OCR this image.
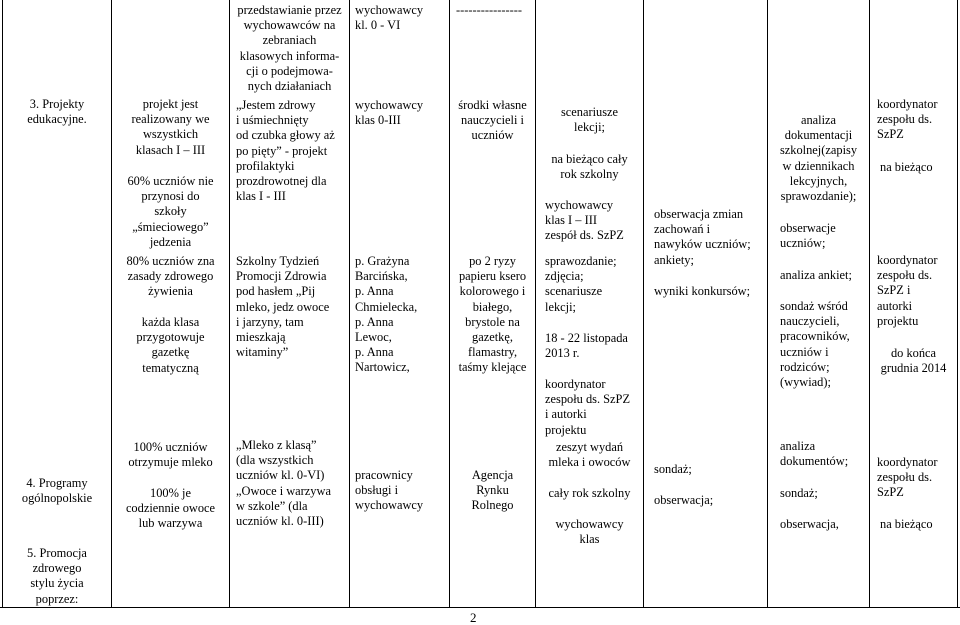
3. Projekty
edukacyjne.
4. Programy
ogólnopolskie
5. Promocja
zdrowego
stylu życia
poprzez:
projekt jest
realizowany we
wszystkich
klasach I – III
60% uczniów nie
przynosi do
szkoły
„śmieciowego”
jedzenia
80% uczniów zna
zasady zdrowego
żywienia
każda klasa
przygotowuje
gazetkę
tematyczną
100% uczniów
otrzymuje mleko
100% je
codziennie owoce
lub warzywa
przedstawianie przez
wychowawców na
zebraniach
klasowych informa-
cji o podejmowa-
nych działaniach
„Jestem zdrowy
i uśmiechnięty
od czubka głowy aż
po pięty” - projekt
profilaktyki
prozdrowotnej dla
klas I - III
Szkolny Tydzień
Promocji Zdrowia
pod hasłem „Pij
mleko, jedz owoce
i jarzyny, tam
mieszkają
witaminy”
„Mleko z klasą”
(dla wszystkich
uczniów kl. 0-VI)
„Owoce i warzywa
w szkole” (dla
uczniów kl. 0-III)
wychowawcy
kl. 0 - VI
wychowawcy
klas 0-III
p. Grażyna
Barcińska,
p. Anna
Chmielecka,
p. Anna
Lewoc,
p. Anna
Nartowicz,
pracownicy
obsługi i
wychowawcy
----------------
środki własne
nauczycieli i
uczniów
po 2 ryzy
papieru ksero
kolorowego i
białego,
brystole na
gazetkę,
flamastry,
taśmy klejące
Agencja
Rynku
Rolnego
scenariusze
lekcji;
na bieżąco cały
rok szkolny
wychowawcy
klas I – III
zespół ds. SzPZ
sprawozdanie;
zdjęcia;
scenariusze
lekcji;
18 - 22 listopada
2013 r.
koordynator
zespołu ds. SzPZ
i autorki
projektu
zeszyt wydań
mleka i owoców
cały rok szkolny
wychowawcy
klas
obserwacja zmian
zachowań i
nawyków uczniów;
ankiety;
wyniki konkursów;
sondaż;
obserwacja;
analiza
dokumentacji
szkolnej(zapisy
w dziennikach
lekcyjnych,
sprawozdanie);
obserwacje
uczniów;
analiza ankiet;
sondaż wśród
nauczycieli,
pracowników,
uczniów i
rodziców;
(wywiad);
analiza
dokumentów;
sondaż;
obserwacja,
koordynator
zespołu ds.
SzPZ
na bieżąco
koordynator
zespołu ds.
SzPZ i
autorki
projektu
do końca
grudnia 2014
koordynator
zespołu ds.
SzPZ
na bieżąco
2
